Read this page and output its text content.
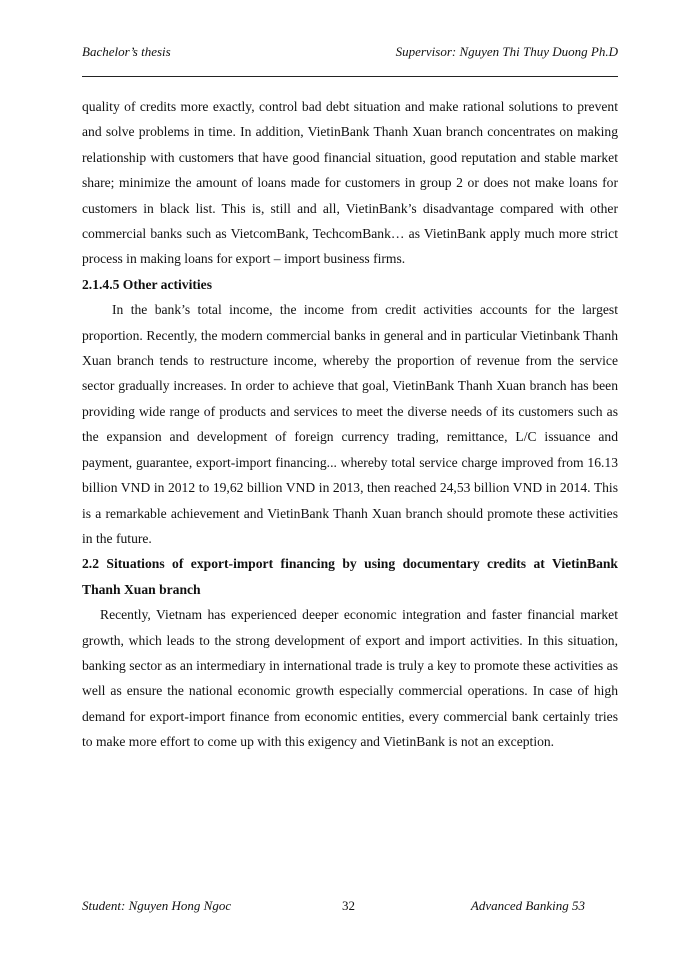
Bachelor’s thesis	Supervisor: Nguyen Thi Thuy Duong Ph.D

quality of credits more exactly, control bad debt situation and make rational solutions to prevent and solve problems in time. In addition, VietinBank Thanh Xuan branch concentrates on making relationship with customers that have good financial situation, good reputation and stable market share; minimize the amount of loans made for customers in group 2 or does not make loans for customers in black list. This is, still and all, VietinBank’s disadvantage compared with other commercial banks such as VietcomBank, TechcomBank… as VietinBank apply much more strict process in making loans for export – import business firms.

2.1.4.5 Other activities

In the bank’s total income, the income from credit activities accounts for the largest proportion. Recently, the modern commercial banks in general and in particular Vietinbank Thanh Xuan branch tends to restructure income, whereby the proportion of revenue from the service sector gradually increases. In order to achieve that goal, VietinBank Thanh Xuan branch has been providing wide range of products and services to meet the diverse needs of its customers such as the expansion and development of foreign currency trading, remittance, L/C issuance and payment, guarantee, export-import financing... whereby total service charge improved from 16.13 billion VND in 2012 to 19,62 billion VND in 2013, then reached 24,53 billion VND in 2014. This is a remarkable achievement and VietinBank Thanh Xuan branch should promote these activities in the future.

2.2 Situations of export-import financing by using documentary credits at VietinBank Thanh Xuan branch

Recently, Vietnam has experienced deeper economic integration and faster financial market growth, which leads to the strong development of export and import activities. In this situation, banking sector as an intermediary in international trade is truly a key to promote these activities as well as ensure the national economic growth especially commercial operations. In case of high demand for export-import finance from economic entities, every commercial bank certainly tries to make more effort to come up with this exigency and VietinBank is not an exception.

Student: Nguyen Hong Ngoc	32	Advanced Banking 53
